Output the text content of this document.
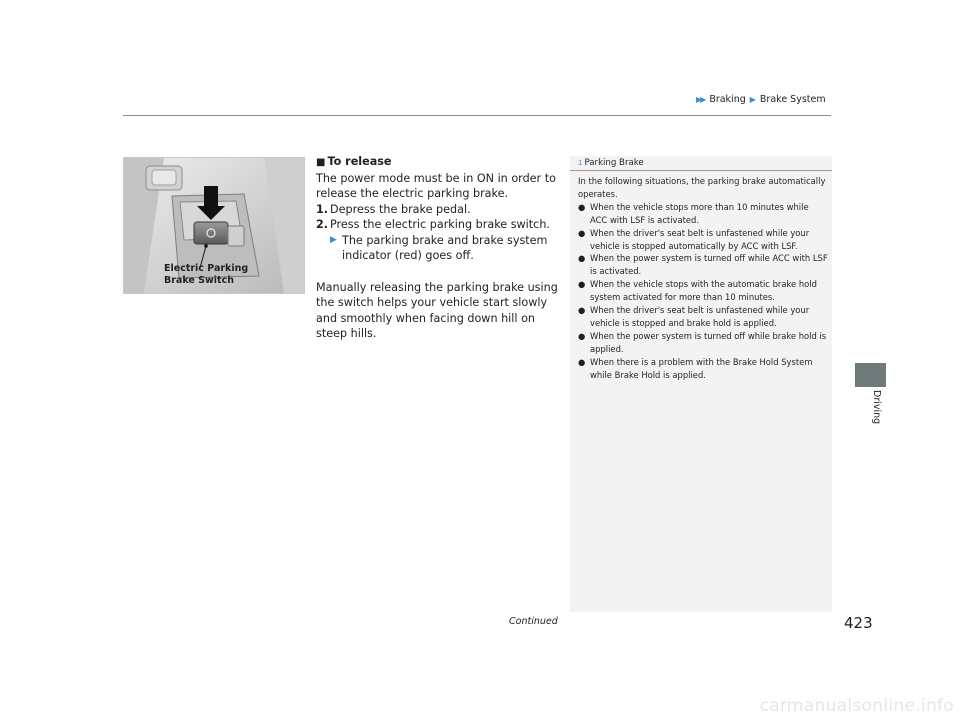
▶▶ Braking ▶ Brake System
Driving
Electric Parking
Brake Switch

■ To release

The power mode must be in ON in order to release the electric parking brake.

1. Depress the brake pedal.
2. Press the electric parking brake switch.
▶ The parking brake and brake system indicator (red) goes off.

Manually releasing the parking brake using the switch helps your vehicle start slowly and smoothly when facing down hill on steep hills.

1 Parking Brake

In the following situations, the parking brake automatically operates.

● When the vehicle stops more than 10 minutes while ACC with LSF is activated.
● When the driver's seat belt is unfastened while your vehicle is stopped automatically by ACC with LSF.
● When the power system is turned off while ACC with LSF is activated.
● When the vehicle stops with the automatic brake hold system activated for more than 10 minutes.
● When the driver's seat belt is unfastened while your vehicle is stopped and brake hold is applied.
● When the power system is turned off while brake hold is applied.
● When there is a problem with the Brake Hold System while Brake Hold is applied.
Continued	423
carmanualsonline.info
